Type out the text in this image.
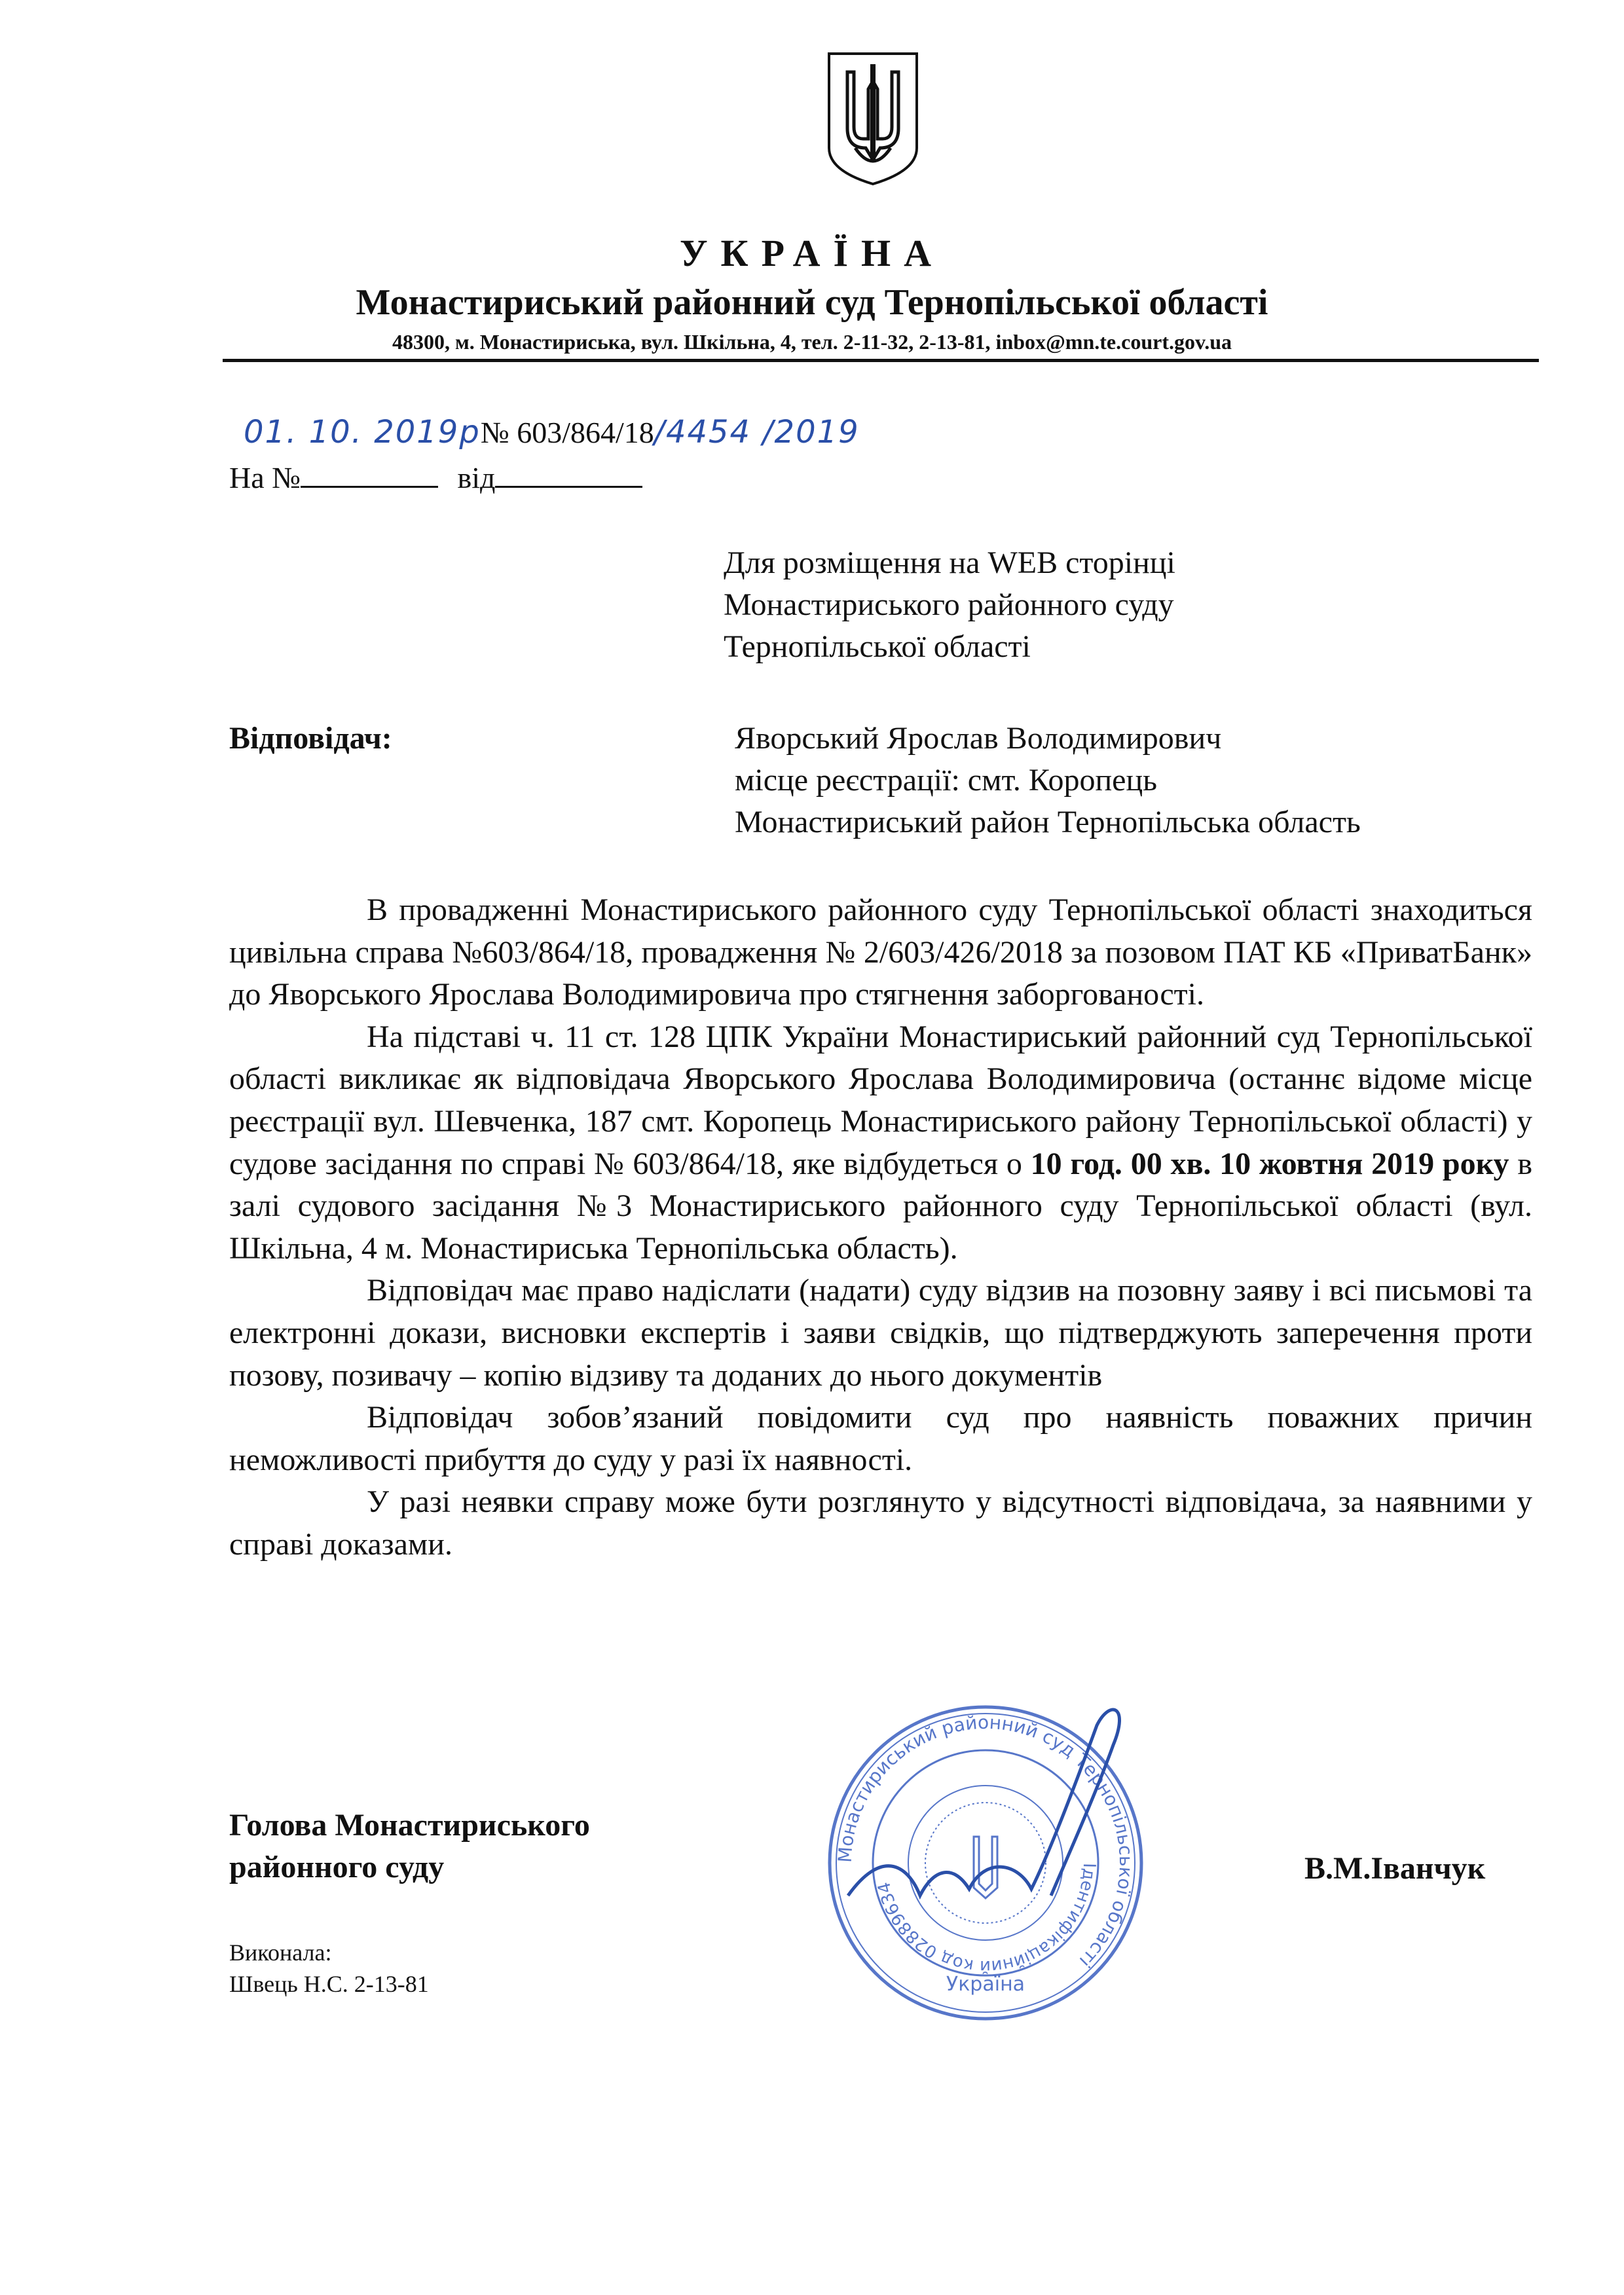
УКРАЇНА
Монастириський районний суд Тернопільської області
48300, м. Монастириська, вул. Шкільна, 4, тел. 2-11-32, 2-13-81, inbox@mn.te.court.gov.ua
01. 10. 2019р№ 603/864/18/4454 /2019
На №	від
Для розміщення на WEB сторінці
Монастириського районного суду
Тернопільської області
Відповідач:	Яворський Ярослав Володимирович
місце реєстрації: смт. Коропець
Монастириський район Тернопільська область

В провадженні Монастириського районного суду Тернопільської області знаходиться цивільна справа №603/864/18, провадження № 2/603/426/2018 за позовом ПАТ КБ «ПриватБанк» до Яворського Ярослава Володимировича про стягнення заборгованості.

На підставі ч. 11 ст. 128 ЦПК України Монастириський районний суд Тернопільської області викликає як відповідача Яворського Ярослава Володимировича (останнє відоме місце реєстрації вул. Шевченка, 187 смт. Коропець Монастириського району Тернопільської області) у судове засідання по справі № 603/864/18, яке відбудеться о 10 год. 00 хв. 10 жовтня 2019 року в залі судового засідання №3 Монастириського районного суду Тернопільської області (вул. Шкільна, 4 м. Монастириська Тернопільська область).

Відповідач має право надіслати (надати) суду відзив на позовну заяву і всі письмові та електронні докази, висновки експертів і заяви свідків, що підтверджують заперечення проти позову, позивачу – копію відзиву та доданих до нього документів

Відповідач зобов’язаний повідомити суд про наявність поважних причин неможливості прибуття до суду у разі їх наявності.

У разі неявки справу може бути розглянуто у відсутності відповідача, за наявними у справі доказами.

Голова Монастириського
районного суду	В.М.Іванчук
Виконала:
Швець Н.С. 2-13-81
Монастириський районний суд Тернопільської області
Ідентифікаційний код 02889634
Україна
